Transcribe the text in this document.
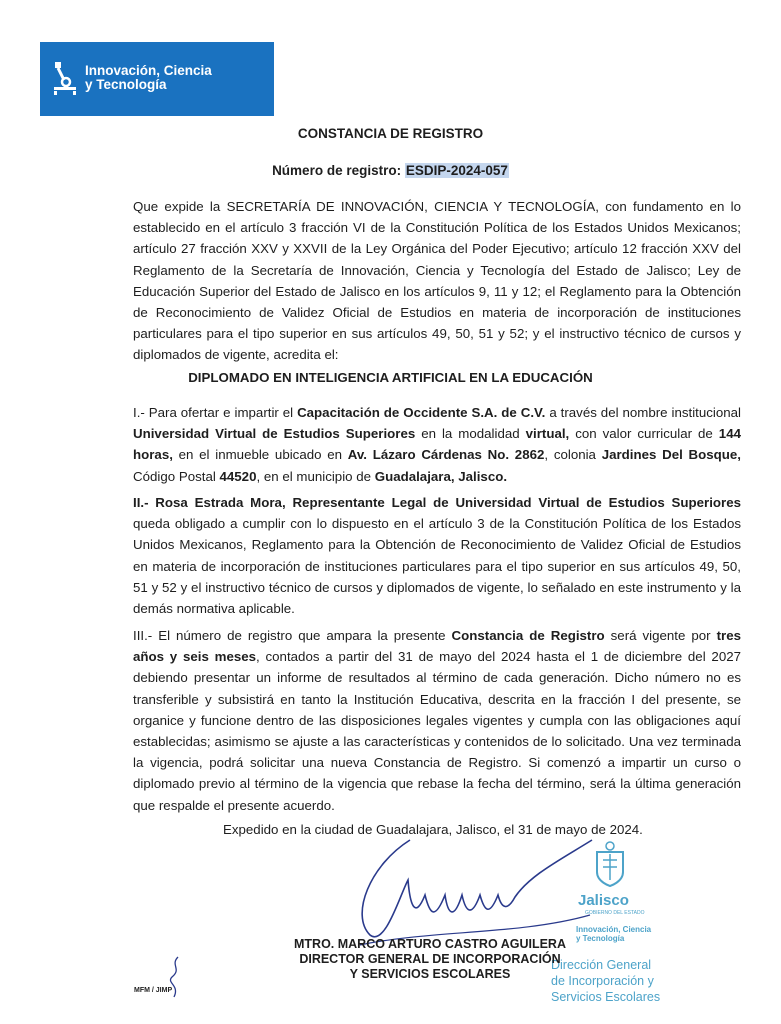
Innovación, Ciencia
y Tecnología
CONSTANCIA DE REGISTRO
Número de registro: ESDIP-2024-057
Que expide la SECRETARÍA DE INNOVACIÓN, CIENCIA Y TECNOLOGÍA, con fundamento en lo establecido en el artículo 3 fracción VI de la Constitución Política de los Estados Unidos Mexicanos; artículo 27 fracción XXV y XXVII de la Ley Orgánica del Poder Ejecutivo; artículo 12 fracción XXV del Reglamento de la Secretaría de Innovación, Ciencia y Tecnología del Estado de Jalisco; Ley de Educación Superior del Estado de Jalisco en los artículos 9, 11 y 12; el Reglamento para la Obtención de Reconocimiento de Validez Oficial de Estudios en materia de incorporación de instituciones particulares para el tipo superior en sus artículos 49, 50, 51 y 52; y el instructivo técnico de cursos y diplomados de vigente, acredita el:
DIPLOMADO EN INTELIGENCIA ARTIFICIAL EN LA EDUCACIÓN
I.- Para ofertar e impartir el Capacitación de Occidente S.A. de C.V. a través del nombre institucional Universidad Virtual de Estudios Superiores en la modalidad virtual, con valor curricular de 144 horas, en el inmueble ubicado en Av. Lázaro Cárdenas No. 2862, colonia Jardines Del Bosque, Código Postal 44520, en el municipio de Guadalajara, Jalisco.
II.- Rosa Estrada Mora, Representante Legal de Universidad Virtual de Estudios Superiores queda obligado a cumplir con lo dispuesto en el artículo 3 de la Constitución Política de los Estados Unidos Mexicanos, Reglamento para la Obtención de Reconocimiento de Validez Oficial de Estudios en materia de incorporación de instituciones particulares para el tipo superior en sus artículos 49, 50, 51 y 52 y el instructivo técnico de cursos y diplomados de vigente, lo señalado en este instrumento y la demás normativa aplicable.
III.- El número de registro que ampara la presente Constancia de Registro será vigente por tres años y seis meses, contados a partir del 31 de mayo del 2024 hasta el 1 de diciembre del 2027 debiendo presentar un informe de resultados al término de cada generación. Dicho número no es transferible y subsistirá en tanto la Institución Educativa, descrita en la fracción I del presente, se organice y funcione dentro de las disposiciones legales vigentes y cumpla con las obligaciones aquí establecidas; asimismo se ajuste a las características y contenidos de lo solicitado. Una vez terminada la vigencia, podrá solicitar una nueva Constancia de Registro. Si comenzó a impartir un curso o diplomado previo al término de la vigencia que rebase la fecha del término, será la última generación que respalde el presente acuerdo.
Expedido en la ciudad de Guadalajara, Jalisco, el 31 de mayo de 2024.
Jalisco
GOBIERNO DEL ESTADO
Innovación, Ciencia
y Tecnología
Dirección General
de Incorporación y
Servicios Escolares
MTRO. MARCO ARTURO CASTRO AGUILERA
DIRECTOR GENERAL DE INCORPORACIÓN
Y SERVICIOS ESCOLARES
MFM / JIMP
